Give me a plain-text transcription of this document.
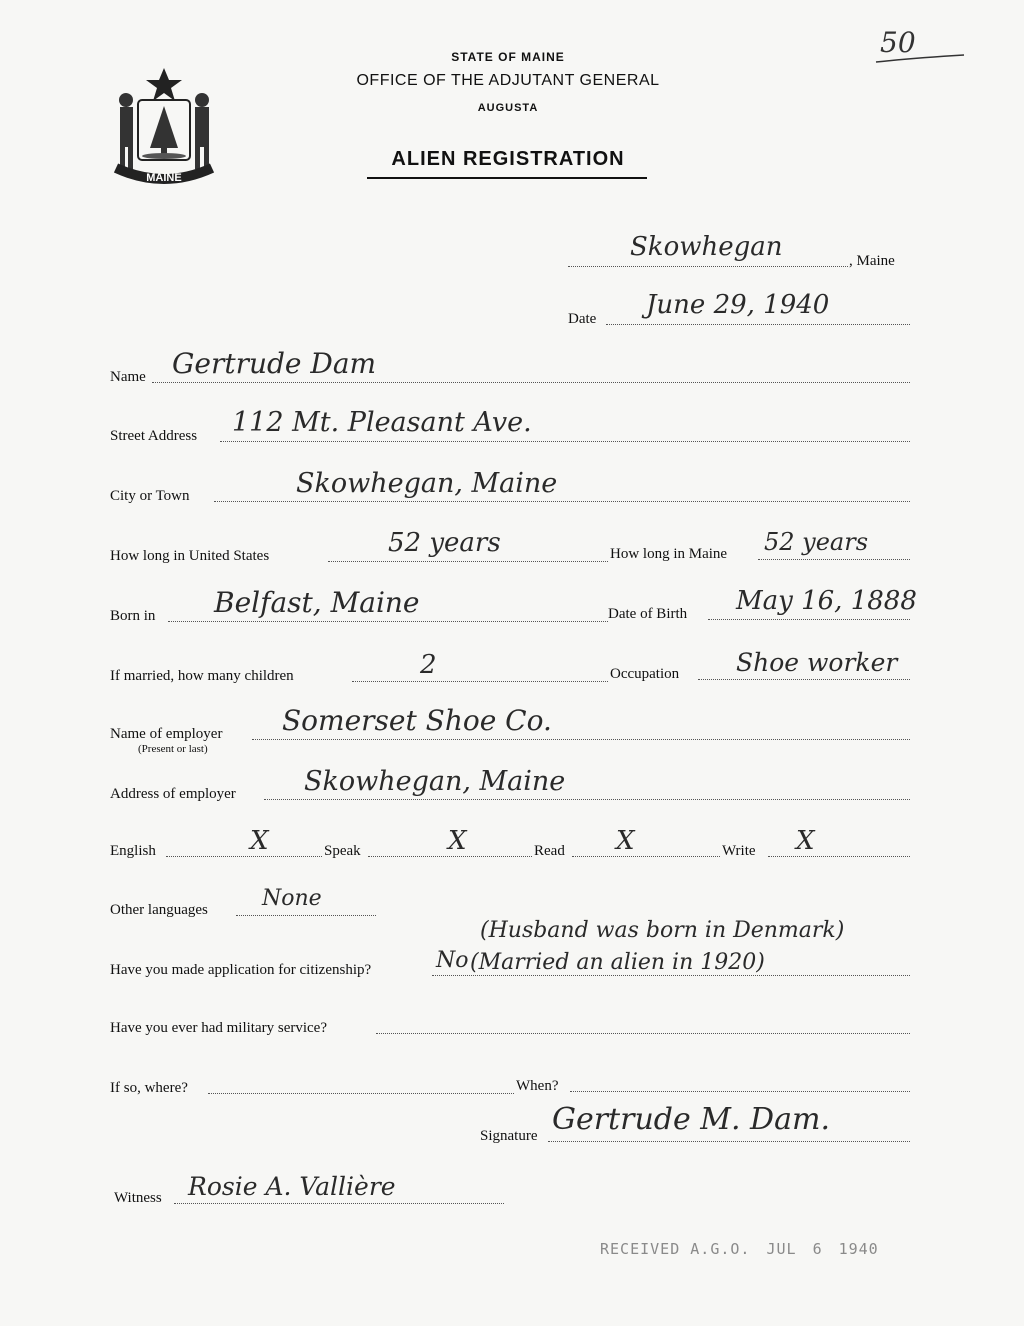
MAINE
STATE OF MAINE
OFFICE OF THE ADJUTANT GENERAL
AUGUSTA
ALIEN REGISTRATION
50
Skowhegan	, Maine
Date June 29, 1940
Name Gertrude Dam
Street Address 112 Mt. Pleasant Ave.
City or Town	Skowhegan, Maine
How long in United States	52 years	How long in Maine 52 years
Born in Belfast, Maine	Date of Birth May 16, 1888
If married, how many children	2	Occupation Shoe worker
Name of employer
(Present or last)
Somerset Shoe Co.
Address of employer	Skowhegan, Maine
English	X	Speak	X	Read X	Write X
Other languages None
(Husband was born in Denmark)
Have you made application for citizenship?	No (Married an alien in 1920)
Have you ever had military service?
If so, where?	When?
Signature Gertrude M. Dam.
Witness Rosie A. Vallière
RECEIVED A.G.O. JUL 6 1940
